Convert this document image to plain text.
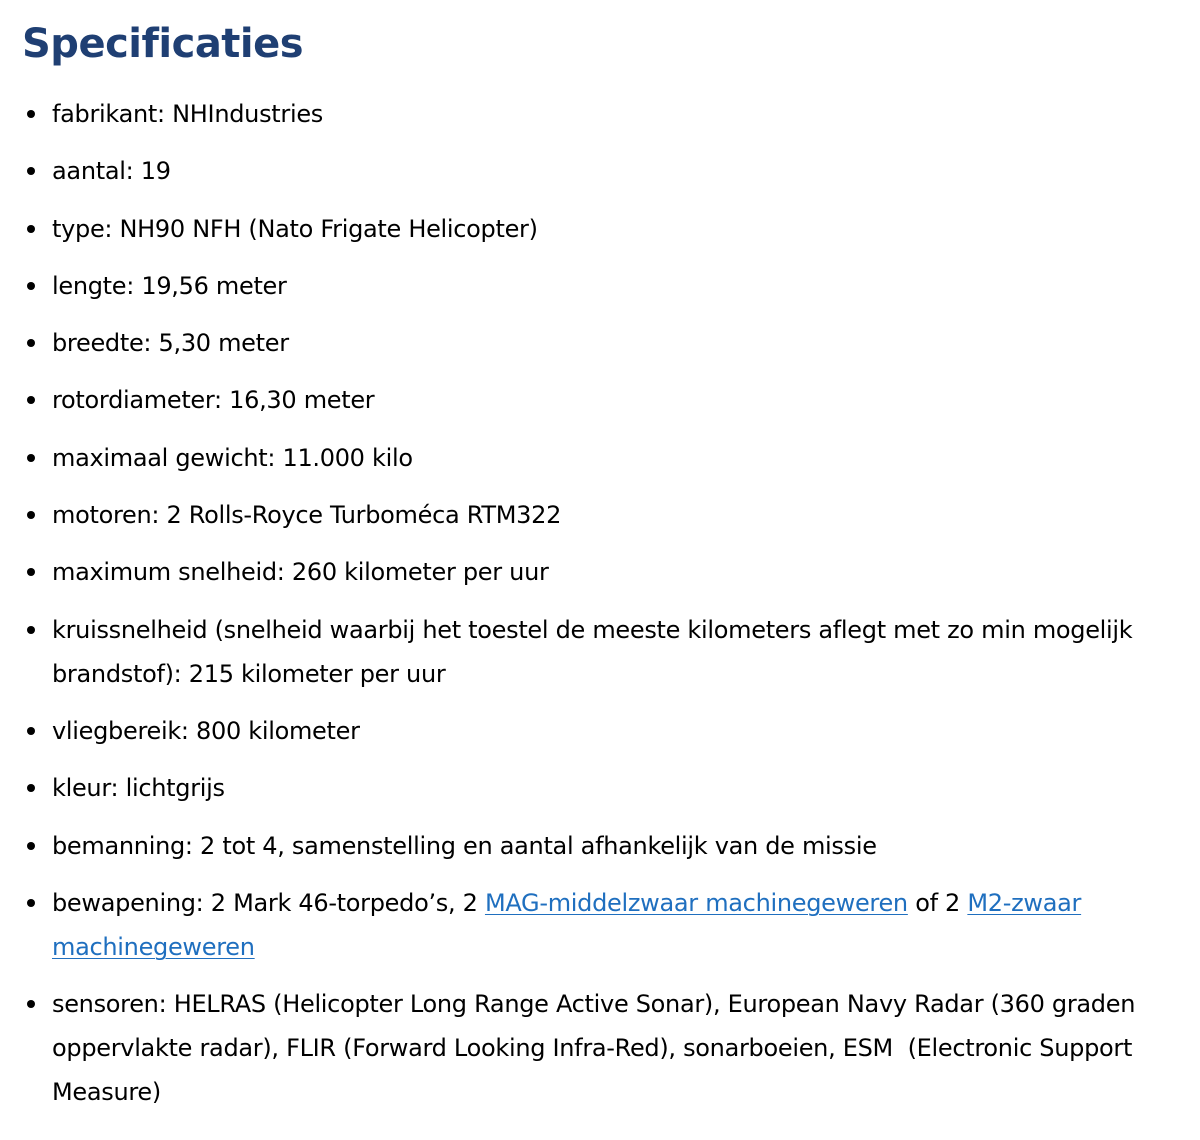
Specificaties
fabrikant: NHIndustries
aantal: 19
type: NH90 NFH (Nato Frigate Helicopter)
lengte: 19,56 meter
breedte: 5,30 meter
rotordiameter: 16,30 meter
maximaal gewicht: 11.000 kilo
motoren: 2 Rolls-Royce Turboméca RTM322
maximum snelheid: 260 kilometer per uur
kruissnelheid (snelheid waarbij het toestel de meeste kilometers aflegt met zo min mogelijk brandstof): 215 kilometer per uur
vliegbereik: 800 kilometer
kleur: lichtgrijs
bemanning: 2 tot 4, samenstelling en aantal afhankelijk van de missie
bewapening: 2 Mark 46-torpedo’s, 2 MAG-middelzwaar machinegeweren of 2 M2-zwaar machinegeweren
sensoren: HELRAS (Helicopter Long Range Active Sonar), European Navy Radar (360 graden oppervlakte radar), FLIR (Forward Looking Infra-Red), sonarboeien, ESM  (Electronic Support Measure)
